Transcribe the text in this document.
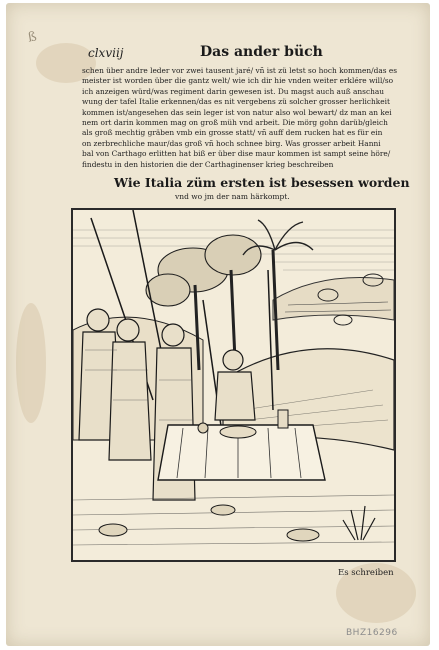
ß
clxviij	Das ander büch
schen über andre leder vor zwei tausent jaré/ vñ ist zü letst so hoch kommen/das es
meister ist worden über die gantz welt/ wie ich dir hie vnden weiter erklére will/so
ich anzeigen würd/was regiment darin gewesen ist. Du magst auch auß anschau
wung der tafel Italie erkennen/das es nit vergebens zü solcher grosser herlichkeit
kommen ist/angesehen das sein leger ist von natur also wol bewart/ dz man an kei
nem ort darin kommen mag on groß müh vnd arbeit. Die mörg gohn darüb/gleich
als groß mechtig gräben vmb ein grosse statt/ vñ auff dem rucken hat es für ein
on zerbrechliche maur/das groß vñ hoch schnee birg. Was grosser arbeit Hanni
bal von Carthago erlitten hat biß er über dise maur kommen ist sampt seine höre/
findestu in den historien die der Carthaginenser krieg beschreiben
Wie Italia züm ersten ist besessen worden
vnd wo jm der nam härkompt.
Es schreiben
BHZ16296
